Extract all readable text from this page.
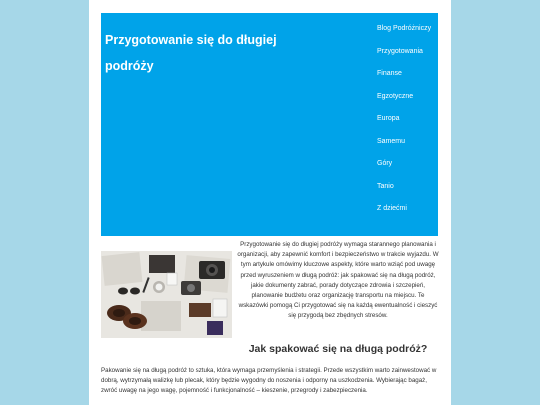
Przygotowanie się do długiej podróży
Blog Podróżniczy
Przygotowania
Finanse
Egzotyczne
Europa
Samemu
Góry
Tanio
Z dziećmi

Przygotowanie się do długiej podróży wymaga starannego planowania i organizacji, aby zapewnić komfort i bezpieczeństwo w trakcie wyjazdu. W tym artykule omówimy kluczowe aspekty, które warto wziąć pod uwagę przed wyruszeniem w długą podróż: jak spakować się na długą podróż, jakie dokumenty zabrać, porady dotyczące zdrowia i szczepień, planowanie budżetu oraz organizację transportu na miejscu. Te wskazówki pomogą Ci przygotować się na każdą ewentualność i cieszyć się przygodą bez zbędnych stresów.

Jak spakować się na długą podróż?

Pakowanie się na długą podróż to sztuka, która wymaga przemyślenia i strategii. Przede wszystkim warto zainwestować w dobrą, wytrzymałą walizkę lub plecak, który będzie wygodny do noszenia i odporny na uszkodzenia. Wybierając bagaż, zwróć uwagę na jego wagę, pojemność i funkcjonalność – kieszenie, przegrody i zabezpieczenia.
